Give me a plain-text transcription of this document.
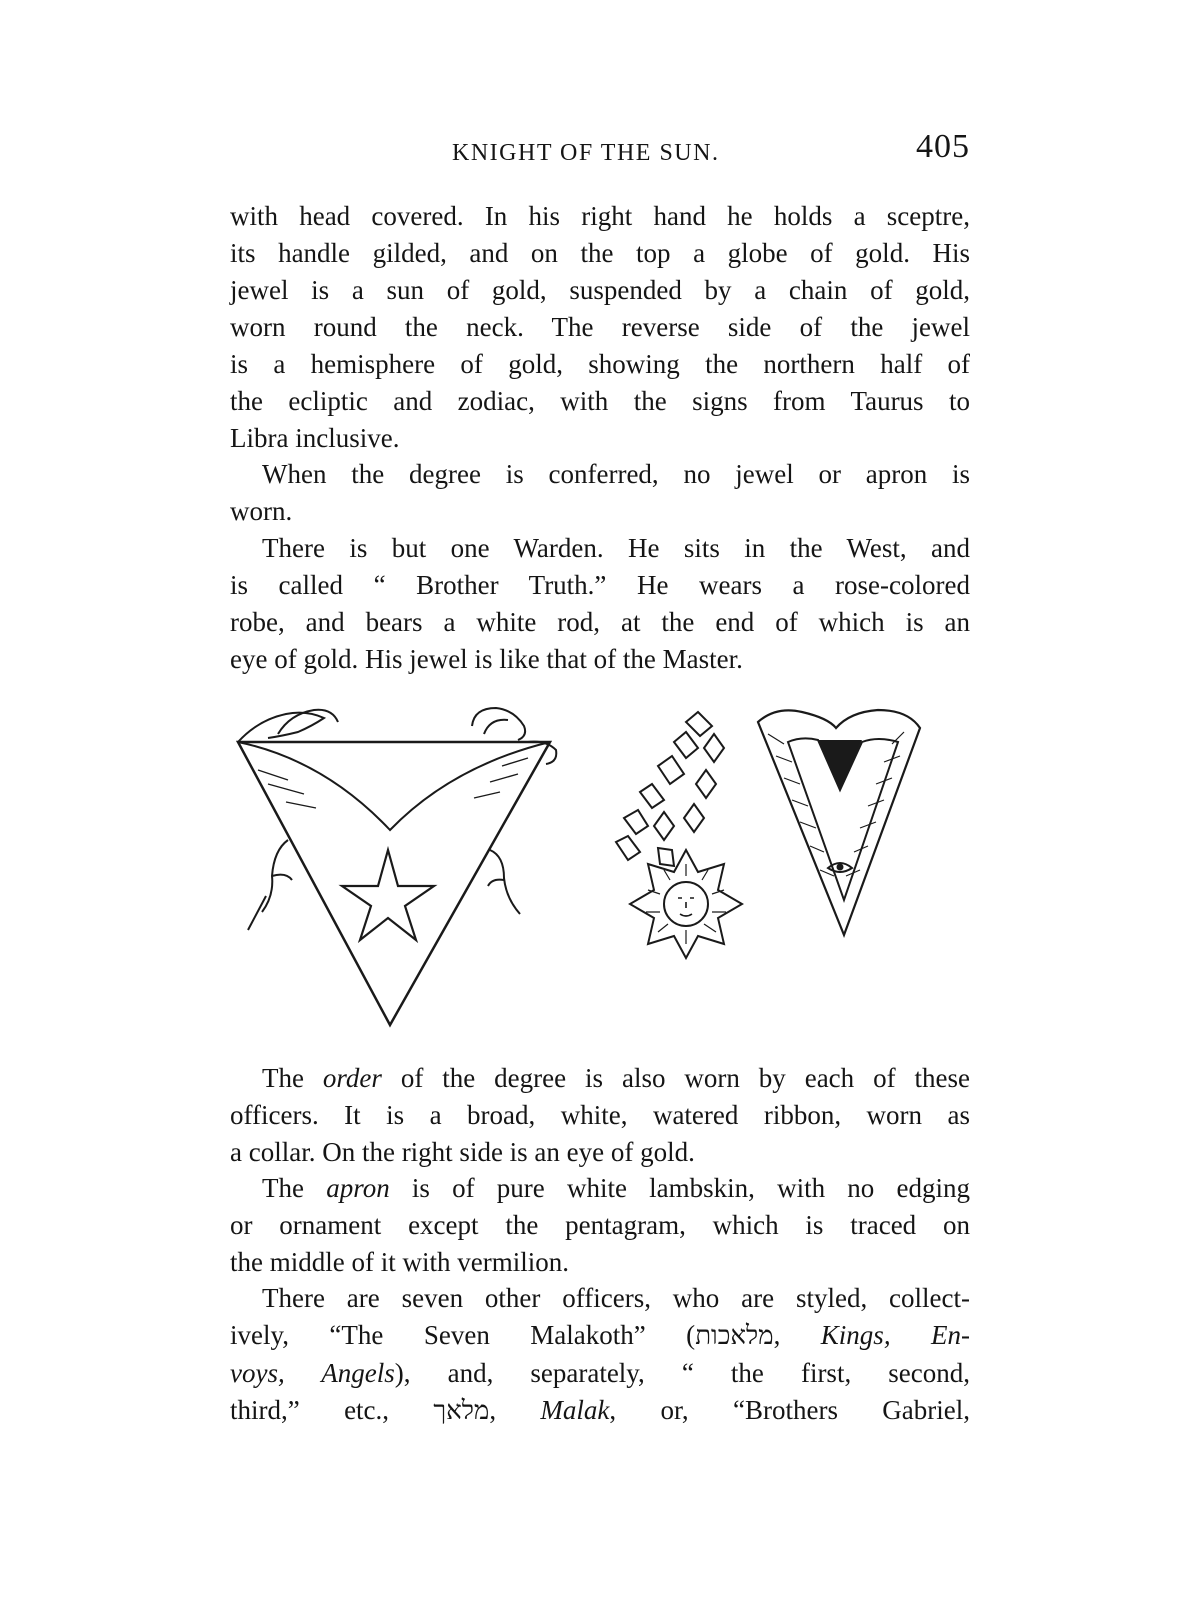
KNIGHT OF THE SUN.	405
with head covered. In his right hand he holds a sceptre,
its handle gilded, and on the top a globe of gold. His
jewel is a sun of gold, suspended by a chain of gold,
worn round the neck. The reverse side of the jewel
is a hemisphere of gold, showing the northern half of
the ecliptic and zodiac, with the signs from Taurus to
Libra inclusive.
When the degree is conferred, no jewel or apron is
worn.
There is but one Warden. He sits in the West, and
is called “ Brother Truth.” He wears a rose-colored
robe, and bears a white rod, at the end of which is an
eye of gold. His jewel is like that of the Master.
The order of the degree is also worn by each of these
officers. It is a broad, white, watered ribbon, worn as
a collar. On the right side is an eye of gold.
The apron is of pure white lambskin, with no edging
or ornament except the pentagram, which is traced on
the middle of it with vermilion.
There are seven other officers, who are styled, collect-
ively, “The Seven Malakoth” (מלאכות, Kings, En-
voys, Angels), and, separately, “ the first, second,
third,” etc., מלאך, Malak, or, “Brothers Gabriel,
